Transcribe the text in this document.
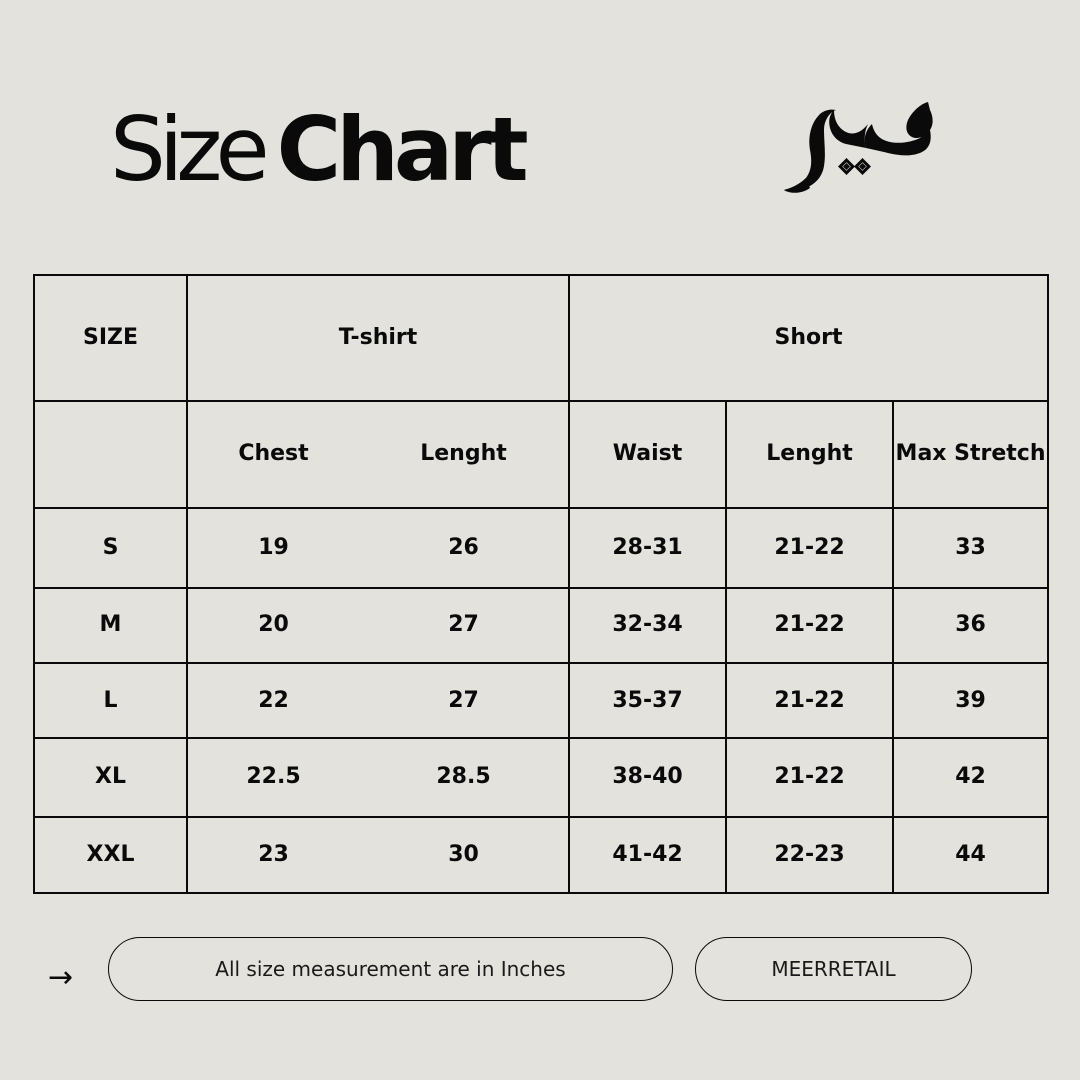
Size Chart
SIZE	T-shirt		Short		
	Chest	Lenght	Waist	Lenght	Max Stretch
S	19	26	28-31	21-22	33
M	20	27	32-34	21-22	36
L	22	27	35-37	21-22	39
XL	22.5	28.5	38-40	21-22	42
XXL	23	30	41-42	22-23	44
→	All size measurement are in Inches	MEERRETAIL
